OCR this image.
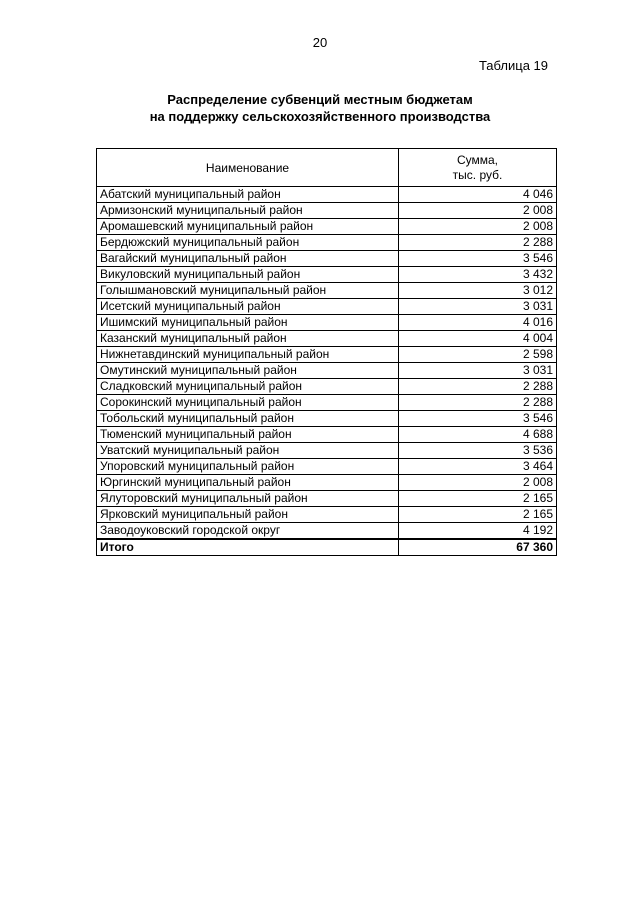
20
Таблица 19
Распределение субвенций местным бюджетам
на поддержку сельскохозяйственного производства
Наименование	Сумма,
тыс. руб.
Абатский муниципальный район	4 046
Армизонский муниципальный район	2 008
Аромашевский муниципальный район	2 008
Бердюжский муниципальный район	2 288
Вагайский муниципальный район	3 546
Викуловский муниципальный район	3 432
Голышмановский муниципальный район	3 012
Исетский муниципальный район	3 031
Ишимский муниципальный район	4 016
Казанский муниципальный район	4 004
Нижнетавдинский муниципальный район	2 598
Омутинский муниципальный район	3 031
Сладковский муниципальный район	2 288
Сорокинский муниципальный район	2 288
Тобольский муниципальный район	3 546
Тюменский муниципальный район	4 688
Уватский муниципальный район	3 536
Упоровский муниципальный район	3 464
Юргинский муниципальный район	2 008
Ялуторовский муниципальный район	2 165
Ярковский муниципальный район	2 165
Заводоуковский городской округ	4 192
Итого	67 360
